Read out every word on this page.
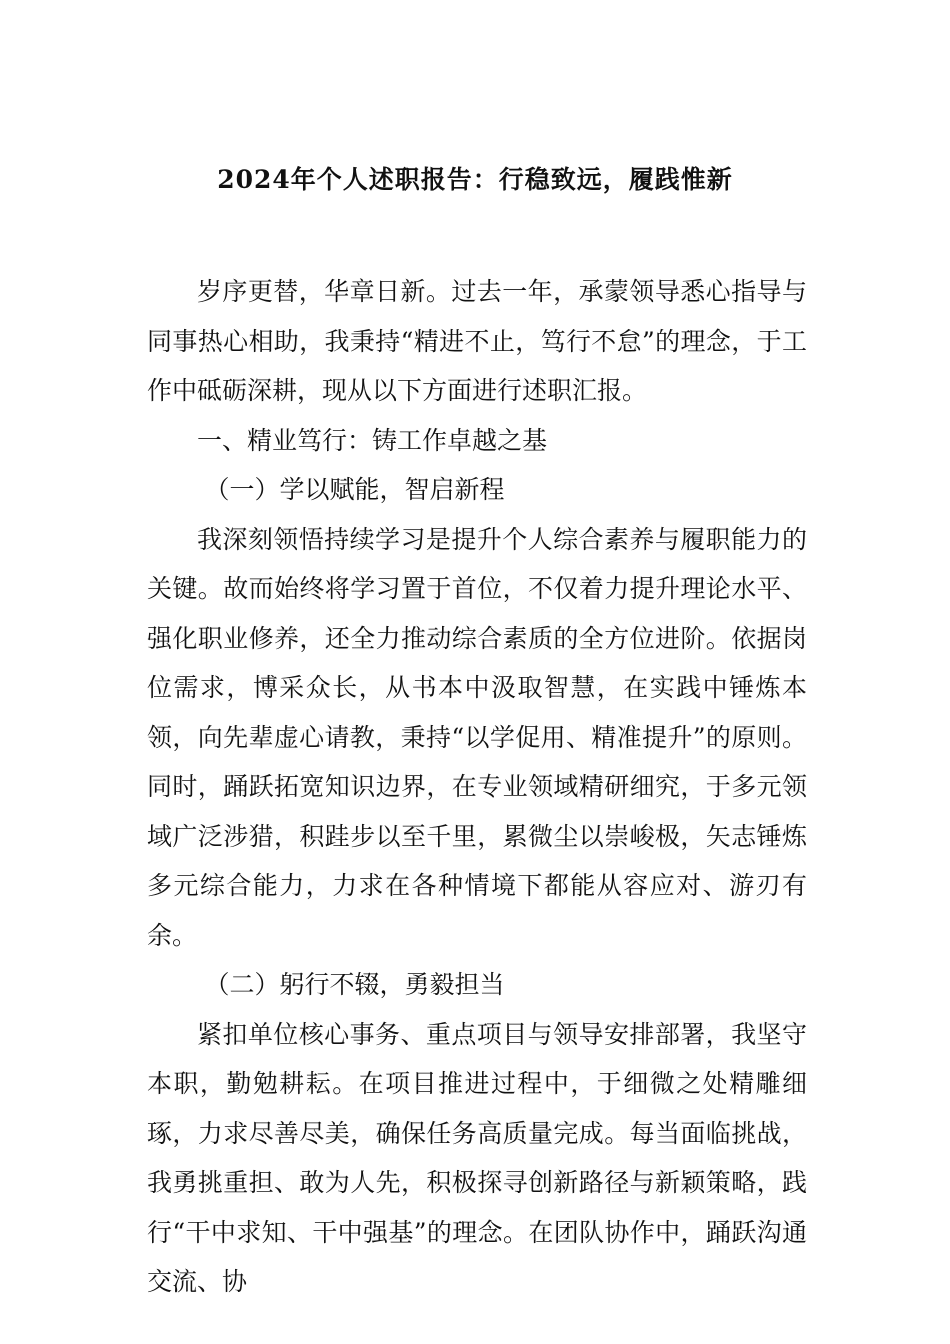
2024年个人述职报告：行稳致远，履践惟新

岁序更替，华章日新。过去一年，承蒙领导悉心指导与同事热心相助，我秉持“精进不止，笃行不怠”的理念，于工作中砥砺深耕，现从以下方面进行述职汇报。

一、精业笃行：铸工作卓越之基

（一）学以赋能，智启新程

我深刻领悟持续学习是提升个人综合素养与履职能力的关键。故而始终将学习置于首位，不仅着力提升理论水平、强化职业修养，还全力推动综合素质的全方位进阶。依据岗位需求，博采众长，从书本中汲取智慧，在实践中锤炼本领，向先辈虚心请教，秉持“以学促用、精准提升”的原则。同时，踊跃拓宽知识边界，在专业领域精研细究，于多元领域广泛涉猎，积跬步以至千里，累微尘以崇峻极，矢志锤炼多元综合能力，力求在各种情境下都能从容应对、游刃有余。

（二）躬行不辍，勇毅担当

紧扣单位核心事务、重点项目与领导安排部署，我坚守本职，勤勉耕耘。在项目推进过程中，于细微之处精雕细琢，力求尽善尽美，确保任务高质量完成。每当面临挑战，我勇挑重担、敢为人先，积极探寻创新路径与新颖策略，践行“干中求知、干中强基”的理念。在团队协作中，踊跃沟通交流、协
